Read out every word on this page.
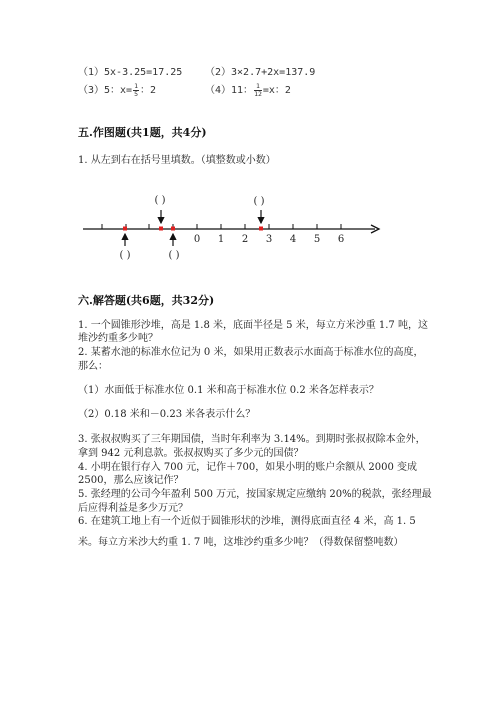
（1）5x-3.25=17.25 （2）3×2.7+2x=137.9
（3）5：$x= \frac{1}{5}$ ：2	（4）11： $\frac{1}{12} =x$：2
五.作图题(共1题，共4分)
1. 从左到右在括号里填数。（填整数或小数）
0 1 2 3 4 5 6
( )	( )
( )	( )
六.解答题(共6题，共32分)
1. 一个圆锥形沙堆，高是 1.8 米，底面半径是 5 米，每立方米沙重 1.7 吨，这
堆沙约重多少吨？
2. 某蓄水池的标准水位记为 0 米，如果用正数表示水面高于标准水位的高度，
那么：
（1）水面低于标准水位 0.1 米和高于标准水位 0.2 米各怎样表示？
（2）0.18 米和－0.23 米各表示什么？
3. 张叔叔购买了三年期国债，当时年利率为 3.14%。到期时张叔叔除本金外，
拿到 942 元利息款。张叔叔购买了多少元的国债？
4. 小明在银行存入 700 元，记作＋700，如果小明的账户余额从 2000 变成
2500，那么应该记作？
5. 张经理的公司今年盈利 500 万元，按国家规定应缴纳 20%的税款，张经理最
后应得利益是多少万元？
6. 在建筑工地上有一个近似于圆锥形状的沙堆，测得底面直径 4 米，高 1. 5
米。每立方米沙大约重 1. 7 吨，这堆沙约重多少吨？（得数保留整吨数）
